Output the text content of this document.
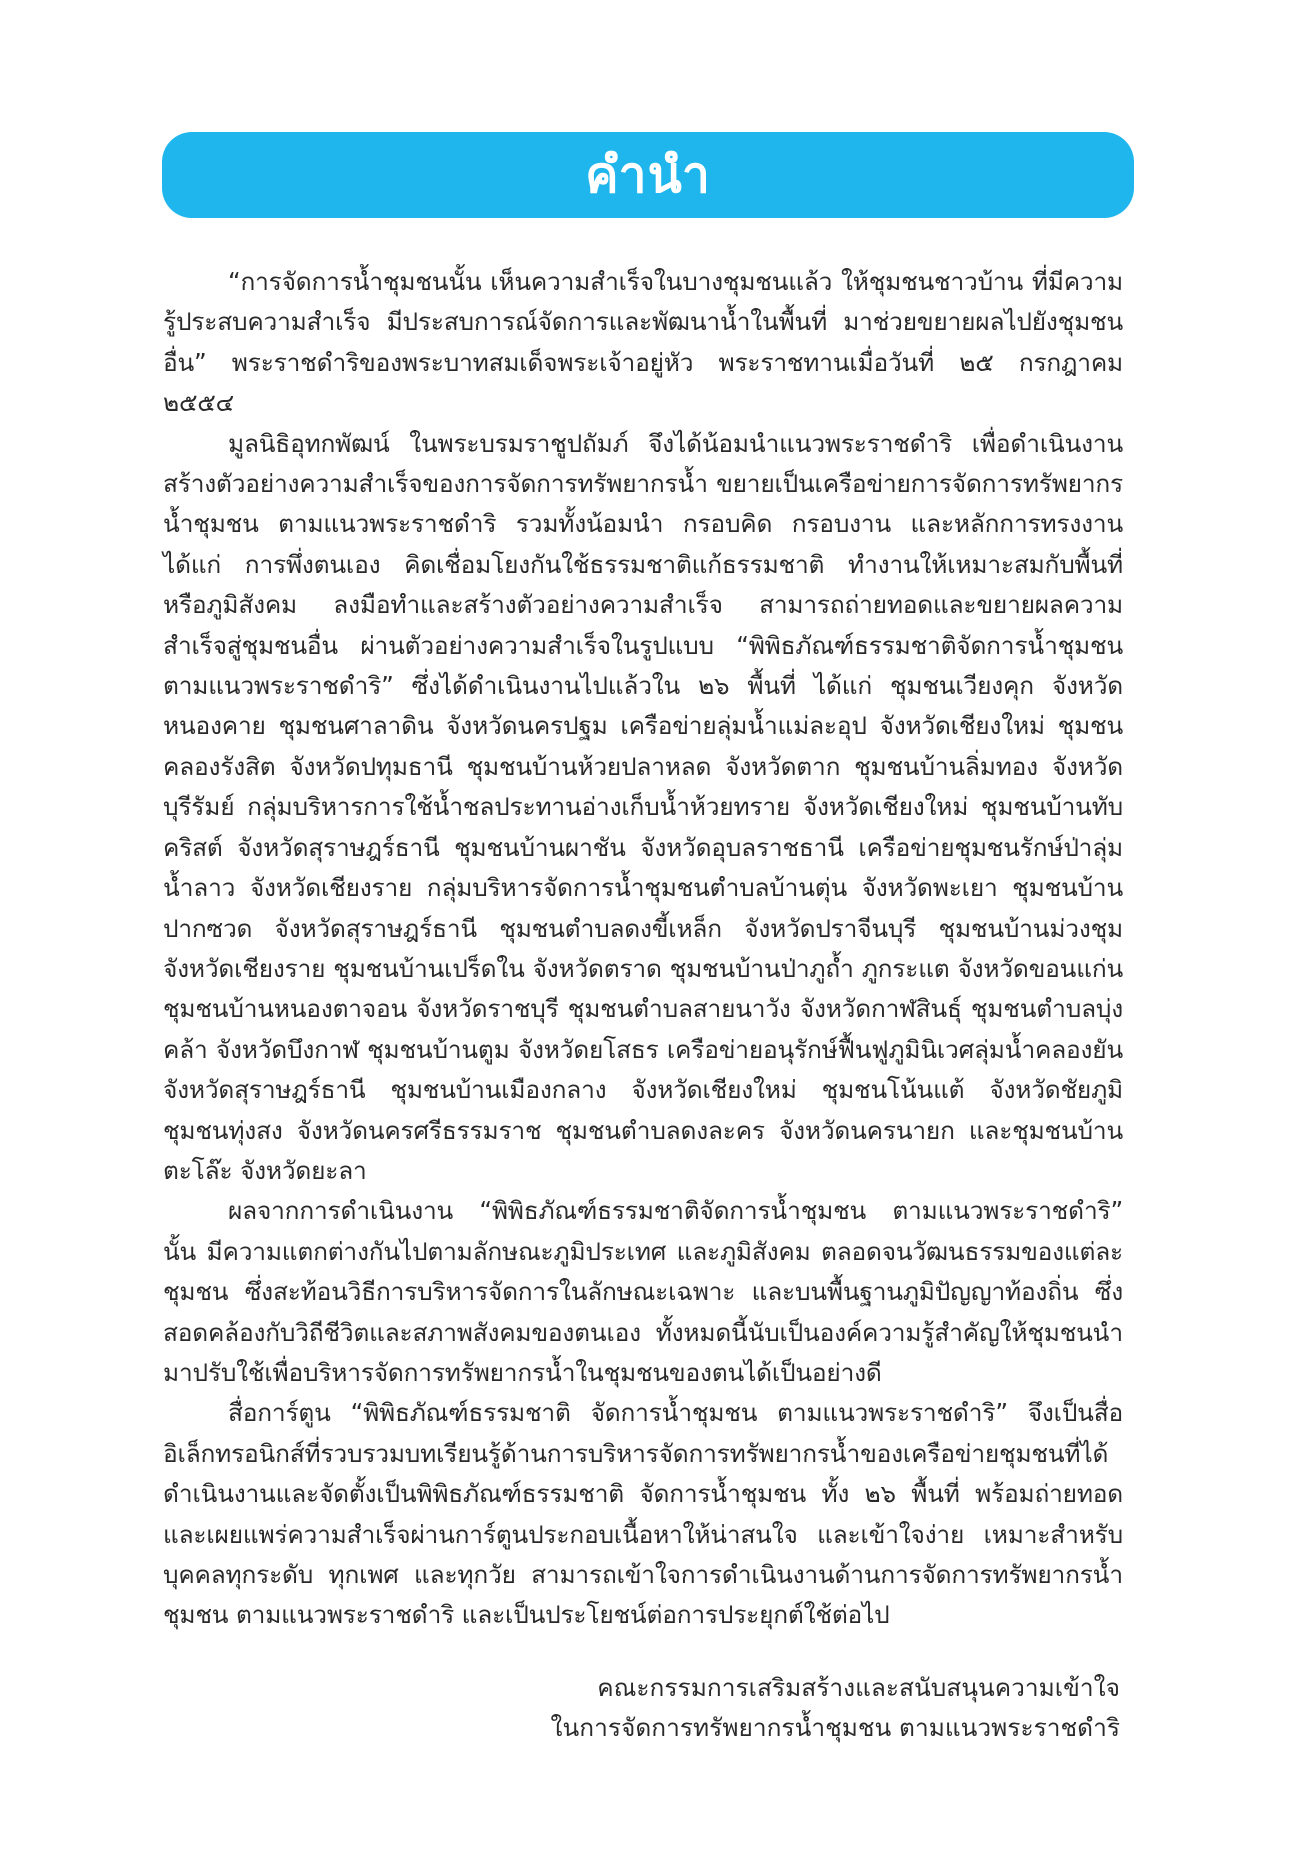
คำนำ

“การจัดการน้ำชุมชนนั้น เห็นความสำเร็จในบางชุมชนแล้ว ให้ชุมชนชาวบ้าน ที่มีความรู้ประสบความสำเร็จ มีประสบการณ์จัดการและพัฒนาน้ำในพื้นที่ มาช่วยขยายผลไปยังชุมชนอื่น” พระราชดำริของพระบาทสมเด็จพระเจ้าอยู่หัว พระราชทานเมื่อวันที่ ๒๕ กรกฎาคม ๒๕๕๔

มูลนิธิอุทกพัฒน์ ในพระบรมราชูปถัมภ์ จึงได้น้อมนำแนวพระราชดำริ เพื่อดำเนินงานสร้างตัวอย่างความสำเร็จของการจัดการทรัพยากรน้ำ ขยายเป็นเครือข่ายการจัดการทรัพยากรน้ำชุมชน ตามแนวพระราชดำริ รวมทั้งน้อมนำ กรอบคิด กรอบงาน และหลักการทรงงาน ได้แก่ การพึ่งตนเอง คิดเชื่อมโยงกันใช้ธรรมชาติแก้ธรรมชาติ ทำงานให้เหมาะสมกับพื้นที่ หรือภูมิสังคม ลงมือทำและสร้างตัวอย่างความสำเร็จ สามารถถ่ายทอดและขยายผลความสำเร็จสู่ชุมชนอื่น ผ่านตัวอย่างความสำเร็จในรูปแบบ “พิพิธภัณฑ์ธรรมชาติจัดการน้ำชุมชน ตามแนวพระราชดำริ” ซึ่งได้ดำเนินงานไปแล้วใน ๒๖ พื้นที่ ได้แก่ ชุมชนเวียงคุก จังหวัดหนองคาย ชุมชนศาลาดิน จังหวัดนครปฐม เครือข่ายลุ่มน้ำแม่ละอุป จังหวัดเชียงใหม่ ชุมชนคลองรังสิต จังหวัดปทุมธานี ชุมชนบ้านห้วยปลาหลด จังหวัดตาก ชุมชนบ้านลิ่มทอง จังหวัดบุรีรัมย์ กลุ่มบริหารการใช้น้ำชลประทานอ่างเก็บน้ำห้วยทราย จังหวัดเชียงใหม่ ชุมชนบ้านทับคริสต์ จังหวัดสุราษฎร์ธานี ชุมชนบ้านผาชัน จังหวัดอุบลราชธานี เครือข่ายชุมชนรักษ์ป่าลุ่มน้ำลาว จังหวัดเชียงราย กลุ่มบริหารจัดการน้ำชุมชนตำบลบ้านตุ่น จังหวัดพะเยา ชุมชนบ้านปากซวด จังหวัดสุราษฎร์ธานี ชุมชนตำบลดงขี้เหล็ก จังหวัดปราจีนบุรี ชุมชนบ้านม่วงชุม จังหวัดเชียงราย ชุมชนบ้านเปร็ดใน จังหวัดตราด ชุมชนบ้านป่าภูถ้ำ ภูกระแต จังหวัดขอนแก่น ชุมชนบ้านหนองตาจอน จังหวัดราชบุรี ชุมชนตำบลสายนาวัง จังหวัดกาฬสินธุ์ ชุมชนตำบลบุ่งคล้า จังหวัดบึงกาฬ ชุมชนบ้านตูม จังหวัดยโสธร เครือข่ายอนุรักษ์ฟื้นฟูภูมินิเวศลุ่มน้ำคลองยัน จังหวัดสุราษฎร์ธานี ชุมชนบ้านเมืองกลาง จังหวัดเชียงใหม่ ชุมชนโน้นแต้ จังหวัดชัยภูมิ ชุมชนทุ่งสง จังหวัดนครศรีธรรมราช ชุมชนตำบลดงละคร จังหวัดนครนายก และชุมชนบ้านตะโล๊ะ จังหวัดยะลา

ผลจากการดำเนินงาน “พิพิธภัณฑ์ธรรมชาติจัดการน้ำชุมชน ตามแนวพระราชดำริ” นั้น มีความแตกต่างกันไปตามลักษณะภูมิประเทศ และภูมิสังคม ตลอดจนวัฒนธรรมของแต่ละชุมชน ซึ่งสะท้อนวิธีการบริหารจัดการในลักษณะเฉพาะ และบนพื้นฐานภูมิปัญญาท้องถิ่น ซึ่งสอดคล้องกับวิถีชีวิตและสภาพสังคมของตนเอง ทั้งหมดนี้นับเป็นองค์ความรู้สำคัญให้ชุมชนนำมาปรับใช้เพื่อบริหารจัดการทรัพยากรน้ำในชุมชนของตนได้เป็นอย่างดี

สื่อการ์ตูน “พิพิธภัณฑ์ธรรมชาติ จัดการน้ำชุมชน ตามแนวพระราชดำริ” จึงเป็นสื่ออิเล็กทรอนิกส์ที่รวบรวมบทเรียนรู้ด้านการบริหารจัดการทรัพยากรน้ำของเครือข่ายชุมชนที่ได้ดำเนินงานและจัดตั้งเป็นพิพิธภัณฑ์ธรรมชาติ จัดการน้ำชุมชน ทั้ง ๒๖ พื้นที่ พร้อมถ่ายทอดและเผยแพร่ความสำเร็จผ่านการ์ตูนประกอบเนื้อหาให้น่าสนใจ และเข้าใจง่าย เหมาะสำหรับบุคคลทุกระดับ ทุกเพศ และทุกวัย สามารถเข้าใจการดำเนินงานด้านการจัดการทรัพยากรน้ำชุมชน ตามแนวพระราชดำริ และเป็นประโยชน์ต่อการประยุกต์ใช้ต่อไป

คณะกรรมการเสริมสร้างและสนับสนุนความเข้าใจ
ในการจัดการทรัพยากรน้ำชุมชน ตามแนวพระราชดำริ
